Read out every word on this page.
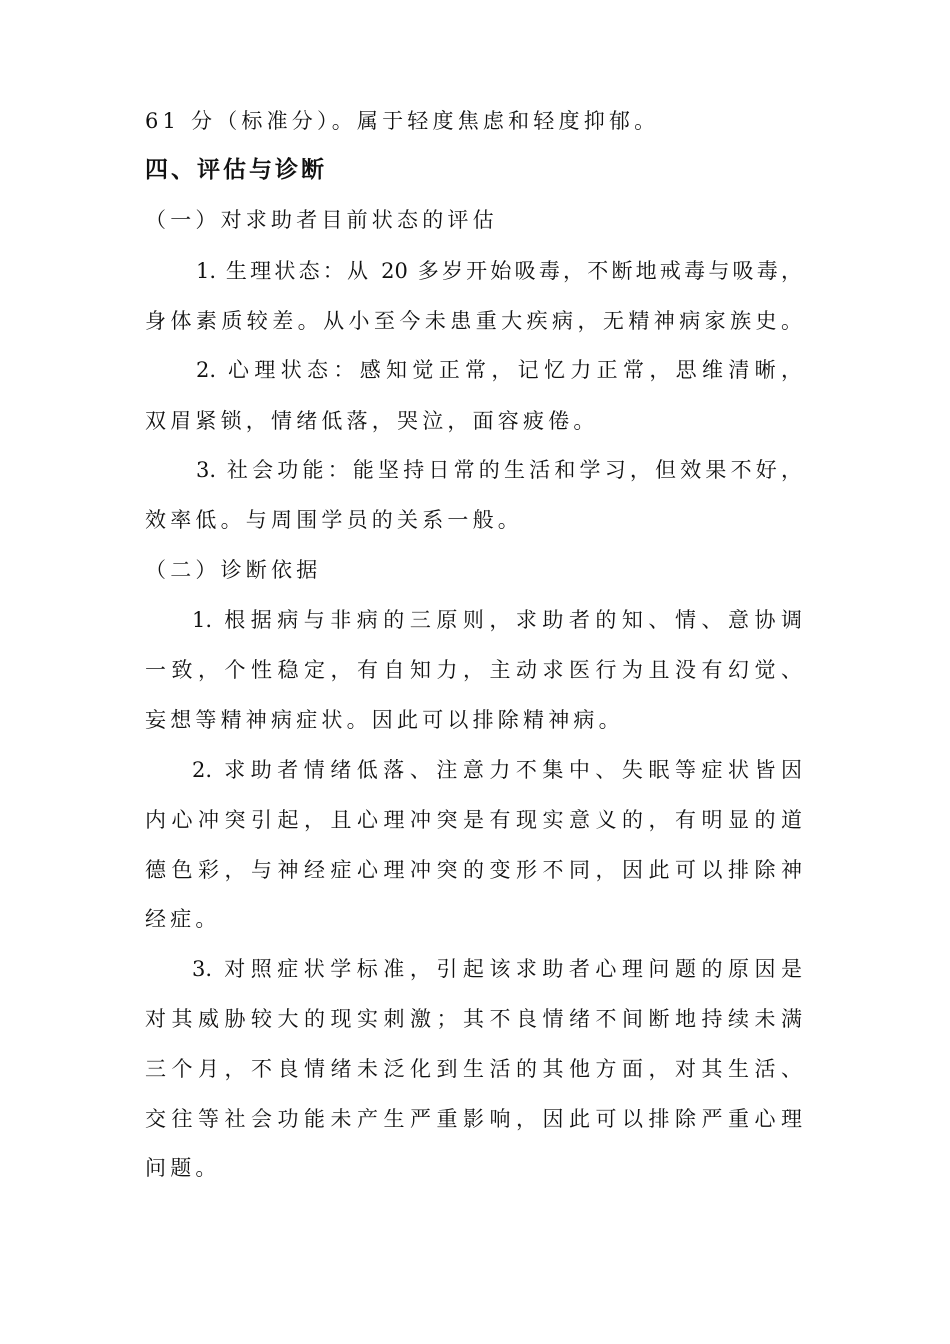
61 分（标准分）。属于轻度焦虑和轻度抑郁。
四、评估与诊断
（一）对求助者目前状态的评估
1. 生理状态：从 20 多岁开始吸毒，不断地戒毒与吸毒，
身体素质较差。从小至今未患重大疾病，无精神病家族史。
2. 心理状态：感知觉正常，记忆力正常，思维清晰，
双眉紧锁，情绪低落，哭泣，面容疲倦。
3. 社会功能：能坚持日常的生活和学习，但效果不好，
效率低。与周围学员的关系一般。
（二）诊断依据
1. 根据病与非病的三原则，求助者的知、情、意协调
一致，个性稳定，有自知力，主动求医行为且没有幻觉、
妄想等精神病症状。因此可以排除精神病。
2. 求助者情绪低落、注意力不集中、失眠等症状皆因
内心冲突引起，且心理冲突是有现实意义的，有明显的道
德色彩，与神经症心理冲突的变形不同，因此可以排除神
经症。
3. 对照症状学标准，引起该求助者心理问题的原因是
对其威胁较大的现实刺激；其不良情绪不间断地持续未满
三个月，不良情绪未泛化到生活的其他方面，对其生活、
交往等社会功能未产生严重影响，因此可以排除严重心理
问题。
